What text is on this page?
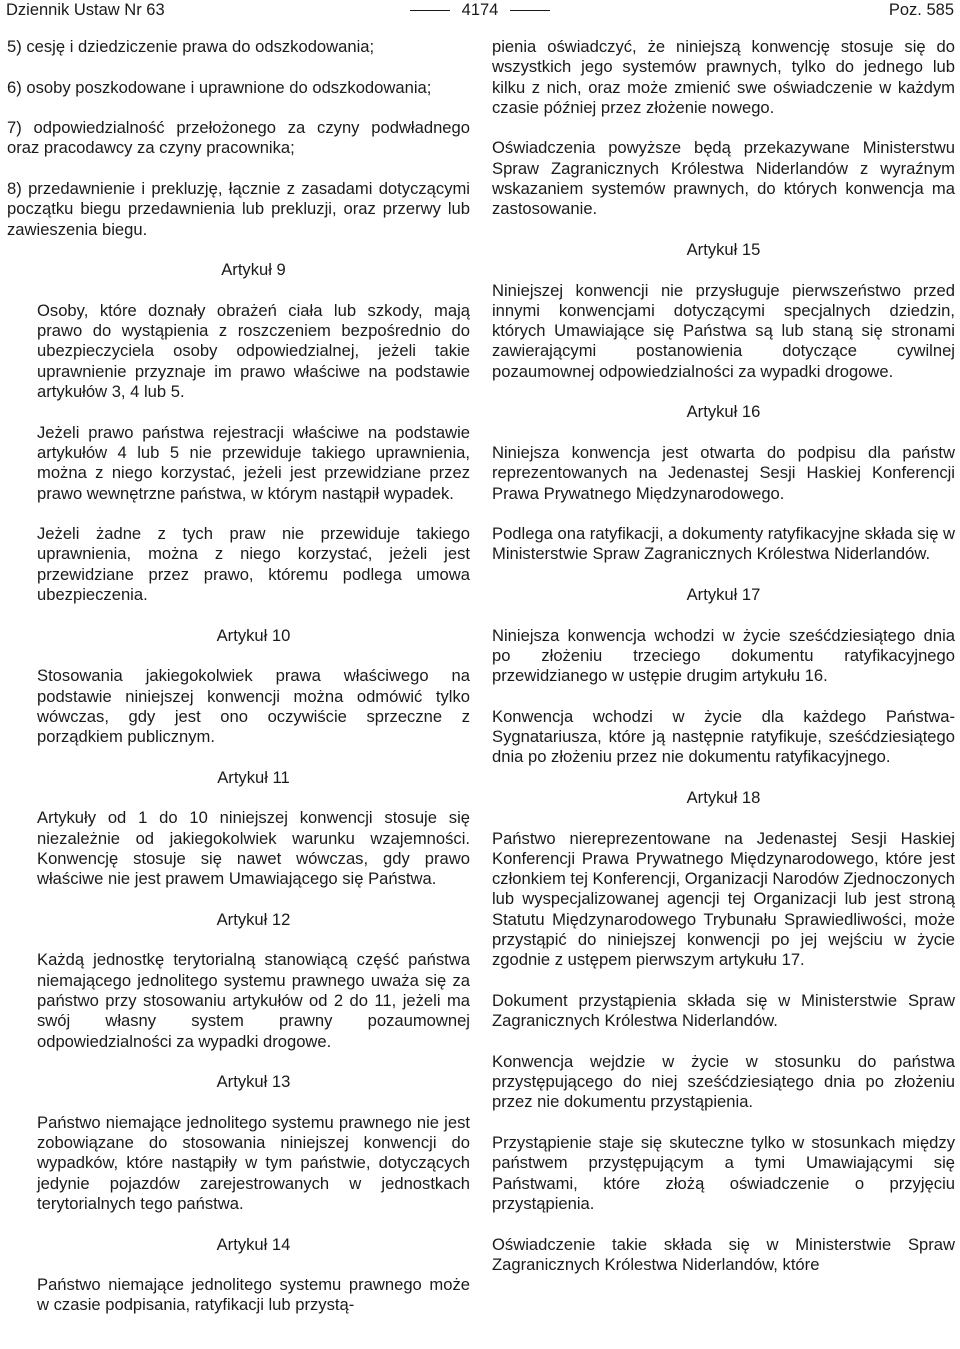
Dziennik Ustaw Nr 63	4174	Poz. 585

5) cesję i dziedziczenie prawa do odszkodowania;

6) osoby poszkodowane i uprawnione do odszkodowania;

7) odpowiedzialność przełożonego za czyny podwładnego oraz pracodawcy za czyny pracownika;

8) przedawnienie i prekluzję, łącznie z zasadami dotyczącymi początku biegu przedawnienia lub prekluzji, oraz przerwy lub zawieszenia biegu.

Artykuł 9

Osoby, które doznały obrażeń ciała lub szkody, mają prawo do wystąpienia z roszczeniem bezpośrednio do ubezpieczyciela osoby odpowiedzialnej, jeżeli takie uprawnienie przyznaje im prawo właściwe na podstawie artykułów 3, 4 lub 5.

Jeżeli prawo państwa rejestracji właściwe na podstawie artykułów 4 lub 5 nie przewiduje takiego uprawnienia, można z niego korzystać, jeżeli jest przewidziane przez prawo wewnętrzne państwa, w którym nastąpił wypadek.

Jeżeli żadne z tych praw nie przewiduje takiego uprawnienia, można z niego korzystać, jeżeli jest przewidziane przez prawo, któremu podlega umowa ubezpieczenia.

Artykuł 10

Stosowania jakiegokolwiek prawa właściwego na podstawie niniejszej konwencji można odmówić tylko wówczas, gdy jest ono oczywiście sprzeczne z porządkiem publicznym.

Artykuł 11

Artykuły od 1 do 10 niniejszej konwencji stosuje się niezależnie od jakiegokolwiek warunku wzajemności. Konwencję stosuje się nawet wówczas, gdy prawo właściwe nie jest prawem Umawiającego się Państwa.

Artykuł 12

Każdą jednostkę terytorialną stanowiącą część państwa niemającego jednolitego systemu prawnego uważa się za państwo przy stosowaniu artykułów od 2 do 11, jeżeli ma swój własny system prawny pozaumownej odpowiedzialności za wypadki drogowe.

Artykuł 13

Państwo niemające jednolitego systemu prawnego nie jest zobowiązane do stosowania niniejszej konwencji do wypadków, które nastąpiły w tym państwie, dotyczących jedynie pojazdów zarejestrowanych w jednostkach terytorialnych tego państwa.

Artykuł 14

Państwo niemające jednolitego systemu prawnego może w czasie podpisania, ratyfikacji lub przystą-

pienia oświadczyć, że niniejszą konwencję stosuje się do wszystkich jego systemów prawnych, tylko do jednego lub kilku z nich, oraz może zmienić swe oświadczenie w każdym czasie później przez złożenie nowego.

Oświadczenia powyższe będą przekazywane Ministerstwu Spraw Zagranicznych Królestwa Niderlandów z wyraźnym wskazaniem systemów prawnych, do których konwencja ma zastosowanie.

Artykuł 15

Niniejszej konwencji nie przysługuje pierwszeństwo przed innymi konwencjami dotyczącymi specjalnych dziedzin, których Umawiające się Państwa są lub staną się stronami zawierającymi postanowienia dotyczące cywilnej pozaumownej odpowiedzialności za wypadki drogowe.

Artykuł 16

Niniejsza konwencja jest otwarta do podpisu dla państw reprezentowanych na Jedenastej Sesji Haskiej Konferencji Prawa Prywatnego Międzynarodowego.

Podlega ona ratyfikacji, a dokumenty ratyfikacyjne składa się w Ministerstwie Spraw Zagranicznych Królestwa Niderlandów.

Artykuł 17

Niniejsza konwencja wchodzi w życie sześćdziesiątego dnia po złożeniu trzeciego dokumentu ratyfikacyjnego przewidzianego w ustępie drugim artykułu 16.

Konwencja wchodzi w życie dla każdego Państwa-Sygnatariusza, które ją następnie ratyfikuje, sześćdziesiątego dnia po złożeniu przez nie dokumentu ratyfikacyjnego.

Artykuł 18

Państwo niereprezentowane na Jedenastej Sesji Haskiej Konferencji Prawa Prywatnego Międzynarodowego, które jest członkiem tej Konferencji, Organizacji Narodów Zjednoczonych lub wyspecjalizowanej agencji tej Organizacji lub jest stroną Statutu Międzynarodowego Trybunału Sprawiedliwości, może przystąpić do niniejszej konwencji po jej wejściu w życie zgodnie z ustępem pierwszym artykułu 17.

Dokument przystąpienia składa się w Ministerstwie Spraw Zagranicznych Królestwa Niderlandów.

Konwencja wejdzie w życie w stosunku do państwa przystępującego do niej sześćdziesiątego dnia po złożeniu przez nie dokumentu przystąpienia.

Przystąpienie staje się skuteczne tylko w stosunkach między państwem przystępującym a tymi Umawiającymi się Państwami, które złożą oświadczenie o przyjęciu przystąpienia.

Oświadczenie takie składa się w Ministerstwie Spraw Zagranicznych Królestwa Niderlandów, które
